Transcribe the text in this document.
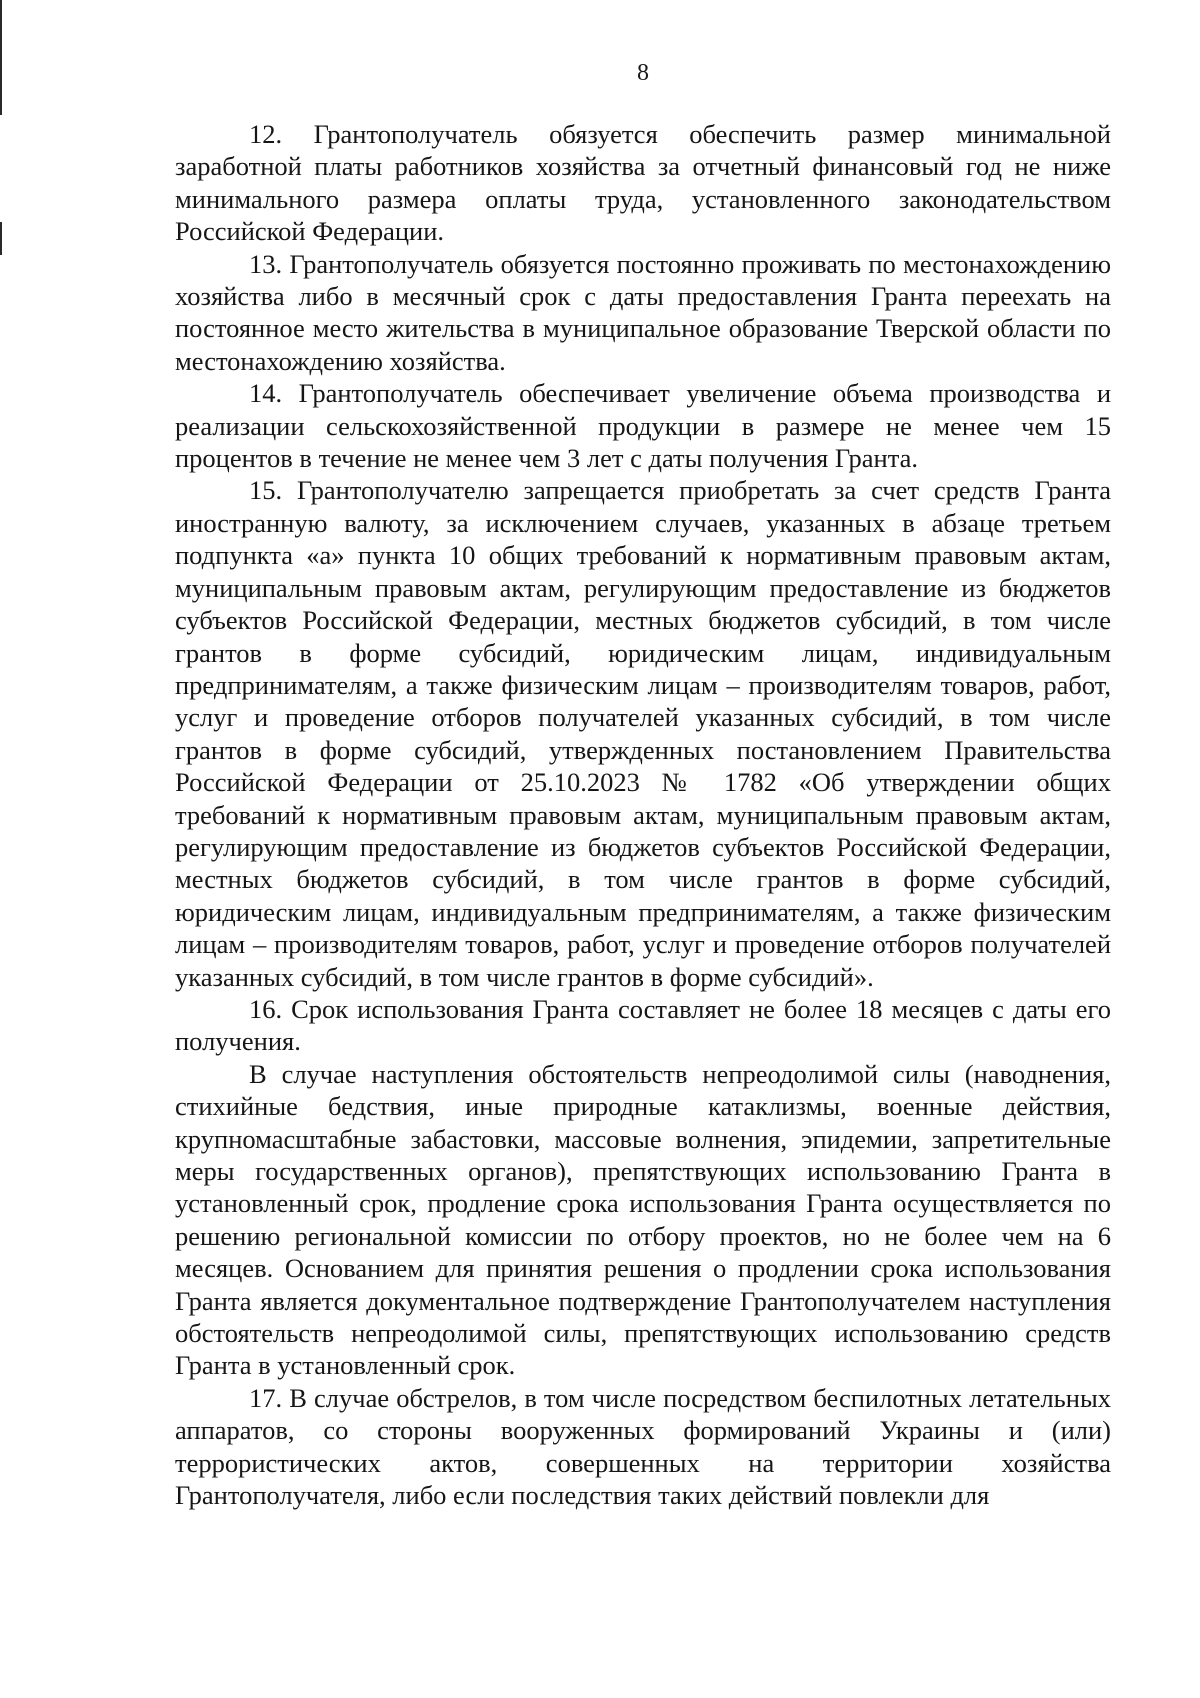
8

12. Грантополучатель обязуется обеспечить размер минимальной заработной платы работников хозяйства за отчетный финансовый год не ниже минимального размера оплаты труда, установленного законодательством Российской Федерации.

13. Грантополучатель обязуется постоянно проживать по местонахождению хозяйства либо в месячный срок с даты предоставления Гранта переехать на постоянное место жительства в муниципальное образование Тверской области по местонахождению хозяйства.

14. Грантополучатель обеспечивает увеличение объема производства и реализации сельскохозяйственной продукции в размере не менее чем 15 процентов в течение не менее чем 3 лет с даты получения Гранта.

15. Грантополучателю запрещается приобретать за счет средств Гранта иностранную валюту, за исключением случаев, указанных в абзаце третьем подпункта «а» пункта 10 общих требований к нормативным правовым актам, муниципальным правовым актам, регулирующим предоставление из бюджетов субъектов Российской Федерации, местных бюджетов субсидий, в том числе грантов в форме субсидий, юридическим лицам, индивидуальным предпринимателям, а также физическим лицам – производителям товаров, работ, услуг и проведение отборов получателей указанных субсидий, в том числе грантов в форме субсидий, утвержденных постановлением Правительства Российской Федерации от 25.10.2023 № 1782 «Об утверждении общих требований к нормативным правовым актам, муниципальным правовым актам, регулирующим предоставление из бюджетов субъектов Российской Федерации, местных бюджетов субсидий, в том числе грантов в форме субсидий, юридическим лицам, индивидуальным предпринимателям, а также физическим лицам – производителям товаров, работ, услуг и проведение отборов получателей указанных субсидий, в том числе грантов в форме субсидий».

16. Срок использования Гранта составляет не более 18 месяцев с даты его получения.

В случае наступления обстоятельств непреодолимой силы (наводнения, стихийные бедствия, иные природные катаклизмы, военные действия, крупномасштабные забастовки, массовые волнения, эпидемии, запретительные меры государственных органов), препятствующих использованию Гранта в установленный срок, продление срока использования Гранта осуществляется по решению региональной комиссии по отбору проектов, но не более чем на 6 месяцев. Основанием для принятия решения о продлении срока использования Гранта является документальное подтверждение Грантополучателем наступления обстоятельств непреодолимой силы, препятствующих использованию средств Гранта в установленный срок.

17. В случае обстрелов, в том числе посредством беспилотных летательных аппаратов, со стороны вооруженных формирований Украины и (или) террористических актов, совершенных на территории хозяйства Грантополучателя, либо если последствия таких действий повлекли для
